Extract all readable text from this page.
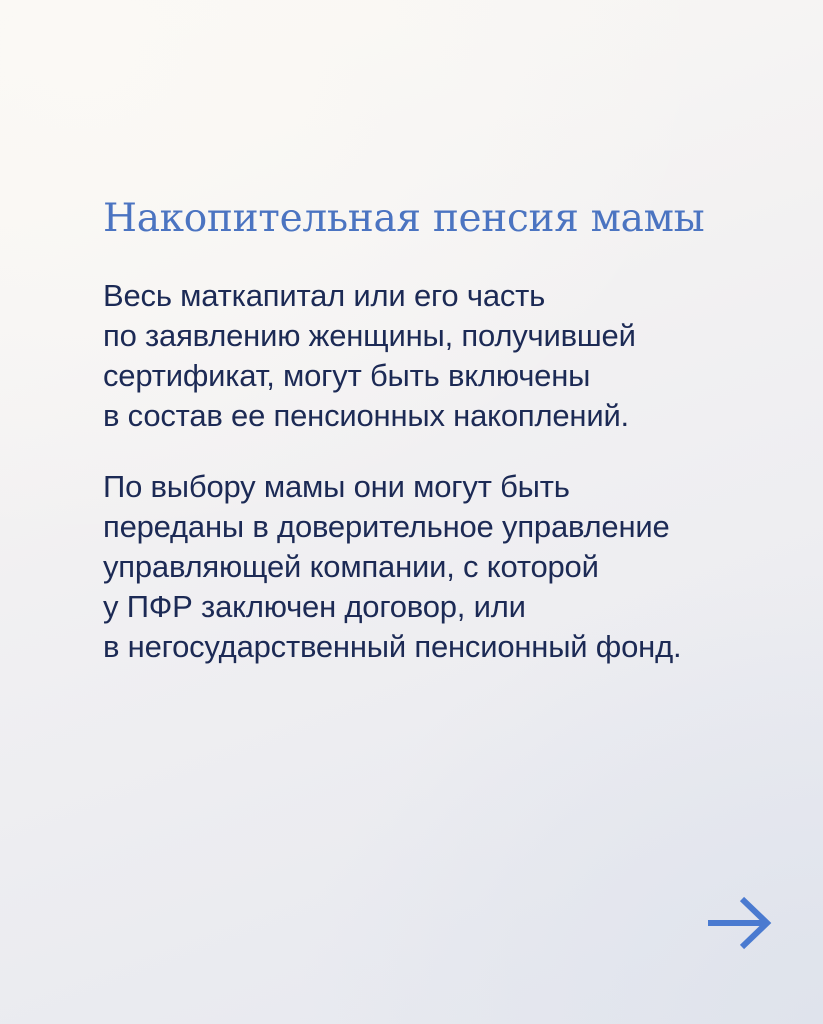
Накопительная пенсия мамы

Весь маткапитал или его часть
по заявлению женщины, получившей
сертификат, могут быть включены
в состав ее пенсионных накоплений.

По выбору мамы они могут быть
переданы в доверительное управление
управляющей компании, с которой
у ПФР заключен договор, или
в негосударственный пенсионный фонд.
